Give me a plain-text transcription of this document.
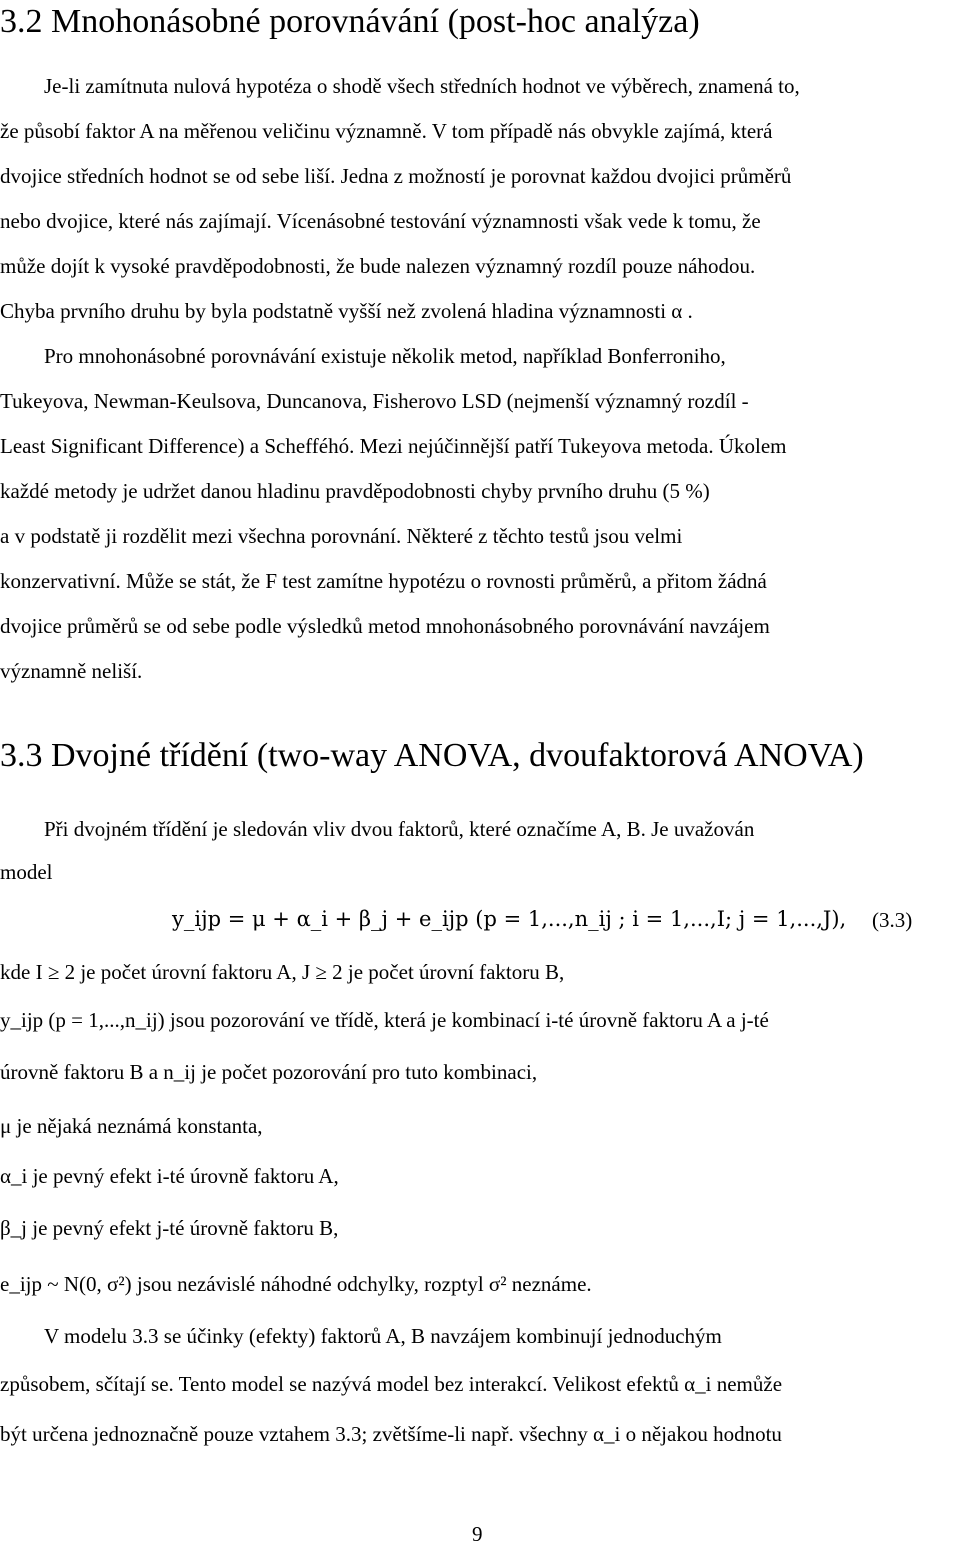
3.2 Mnohonásobné porovnávání (post-hoc analýza)
Je-li zamítnuta nulová hypotéza o shodě všech středních hodnot ve výběrech, znamená to,
že působí faktor A na měřenou veličinu významně. V tom případě nás obvykle zajímá, která
dvojice středních hodnot se od sebe liší. Jedna z možností je porovnat každou dvojici průměrů
nebo dvojice, které nás zajímají. Vícenásobné testování významnosti však vede k tomu, že
může dojít k vysoké pravděpodobnosti, že bude nalezen významný rozdíl pouze náhodou.
Chyba prvního druhu by byla podstatně vyšší než zvolená hladina významnosti α .
Pro mnohonásobné porovnávání existuje několik metod, například Bonferroniho,
Tukeyova, Newman-Keulsova, Duncanova, Fisherovo LSD (nejmenší významný rozdíl -
Least Significant Difference) a Schefféhó. Mezi nejúčinnější patří Tukeyova metoda. Úkolem
každé metody je udržet danou hladinu pravděpodobnosti chyby prvního druhu (5 %)
a v podstatě ji rozdělit mezi všechna porovnání. Některé z těchto testů jsou velmi
konzervativní. Může se stát, že F test zamítne hypotézu o rovnosti průměrů, a přitom žádná
dvojice průměrů se od sebe podle výsledků metod mnohonásobného porovnávání navzájem
významně neliší.
3.3 Dvojné třídění (two-way ANOVA, dvoufaktorová ANOVA)
Při dvojném třídění je sledován vliv dvou faktorů, které označíme A, B. Je uvažován
model
y_ijp = μ + α_i + β_j + e_ijp (p = 1,...,n_ij ; i = 1,...,I; j = 1,...,J), (3.3)
kde I ≥ 2 je počet úrovní faktoru A, J ≥ 2 je počet úrovní faktoru B,
y_ijp (p = 1,...,n_ij) jsou pozorování ve třídě, která je kombinací i-té úrovně faktoru A a j-té
úrovně faktoru B a n_ij je počet pozorování pro tuto kombinaci,
μ je nějaká neznámá konstanta,
α_i je pevný efekt i-té úrovně faktoru A,
β_j je pevný efekt j-té úrovně faktoru B,
e_ijp ~ N(0, σ²) jsou nezávislé náhodné odchylky, rozptyl σ² neznáme.
V modelu 3.3 se účinky (efekty) faktorů A, B navzájem kombinují jednoduchým
způsobem, sčítají se. Tento model se nazývá model bez interakcí. Velikost efektů α_i nemůže
být určena jednoznačně pouze vztahem 3.3; zvětšíme-li např. všechny α_i o nějakou hodnotu
9
